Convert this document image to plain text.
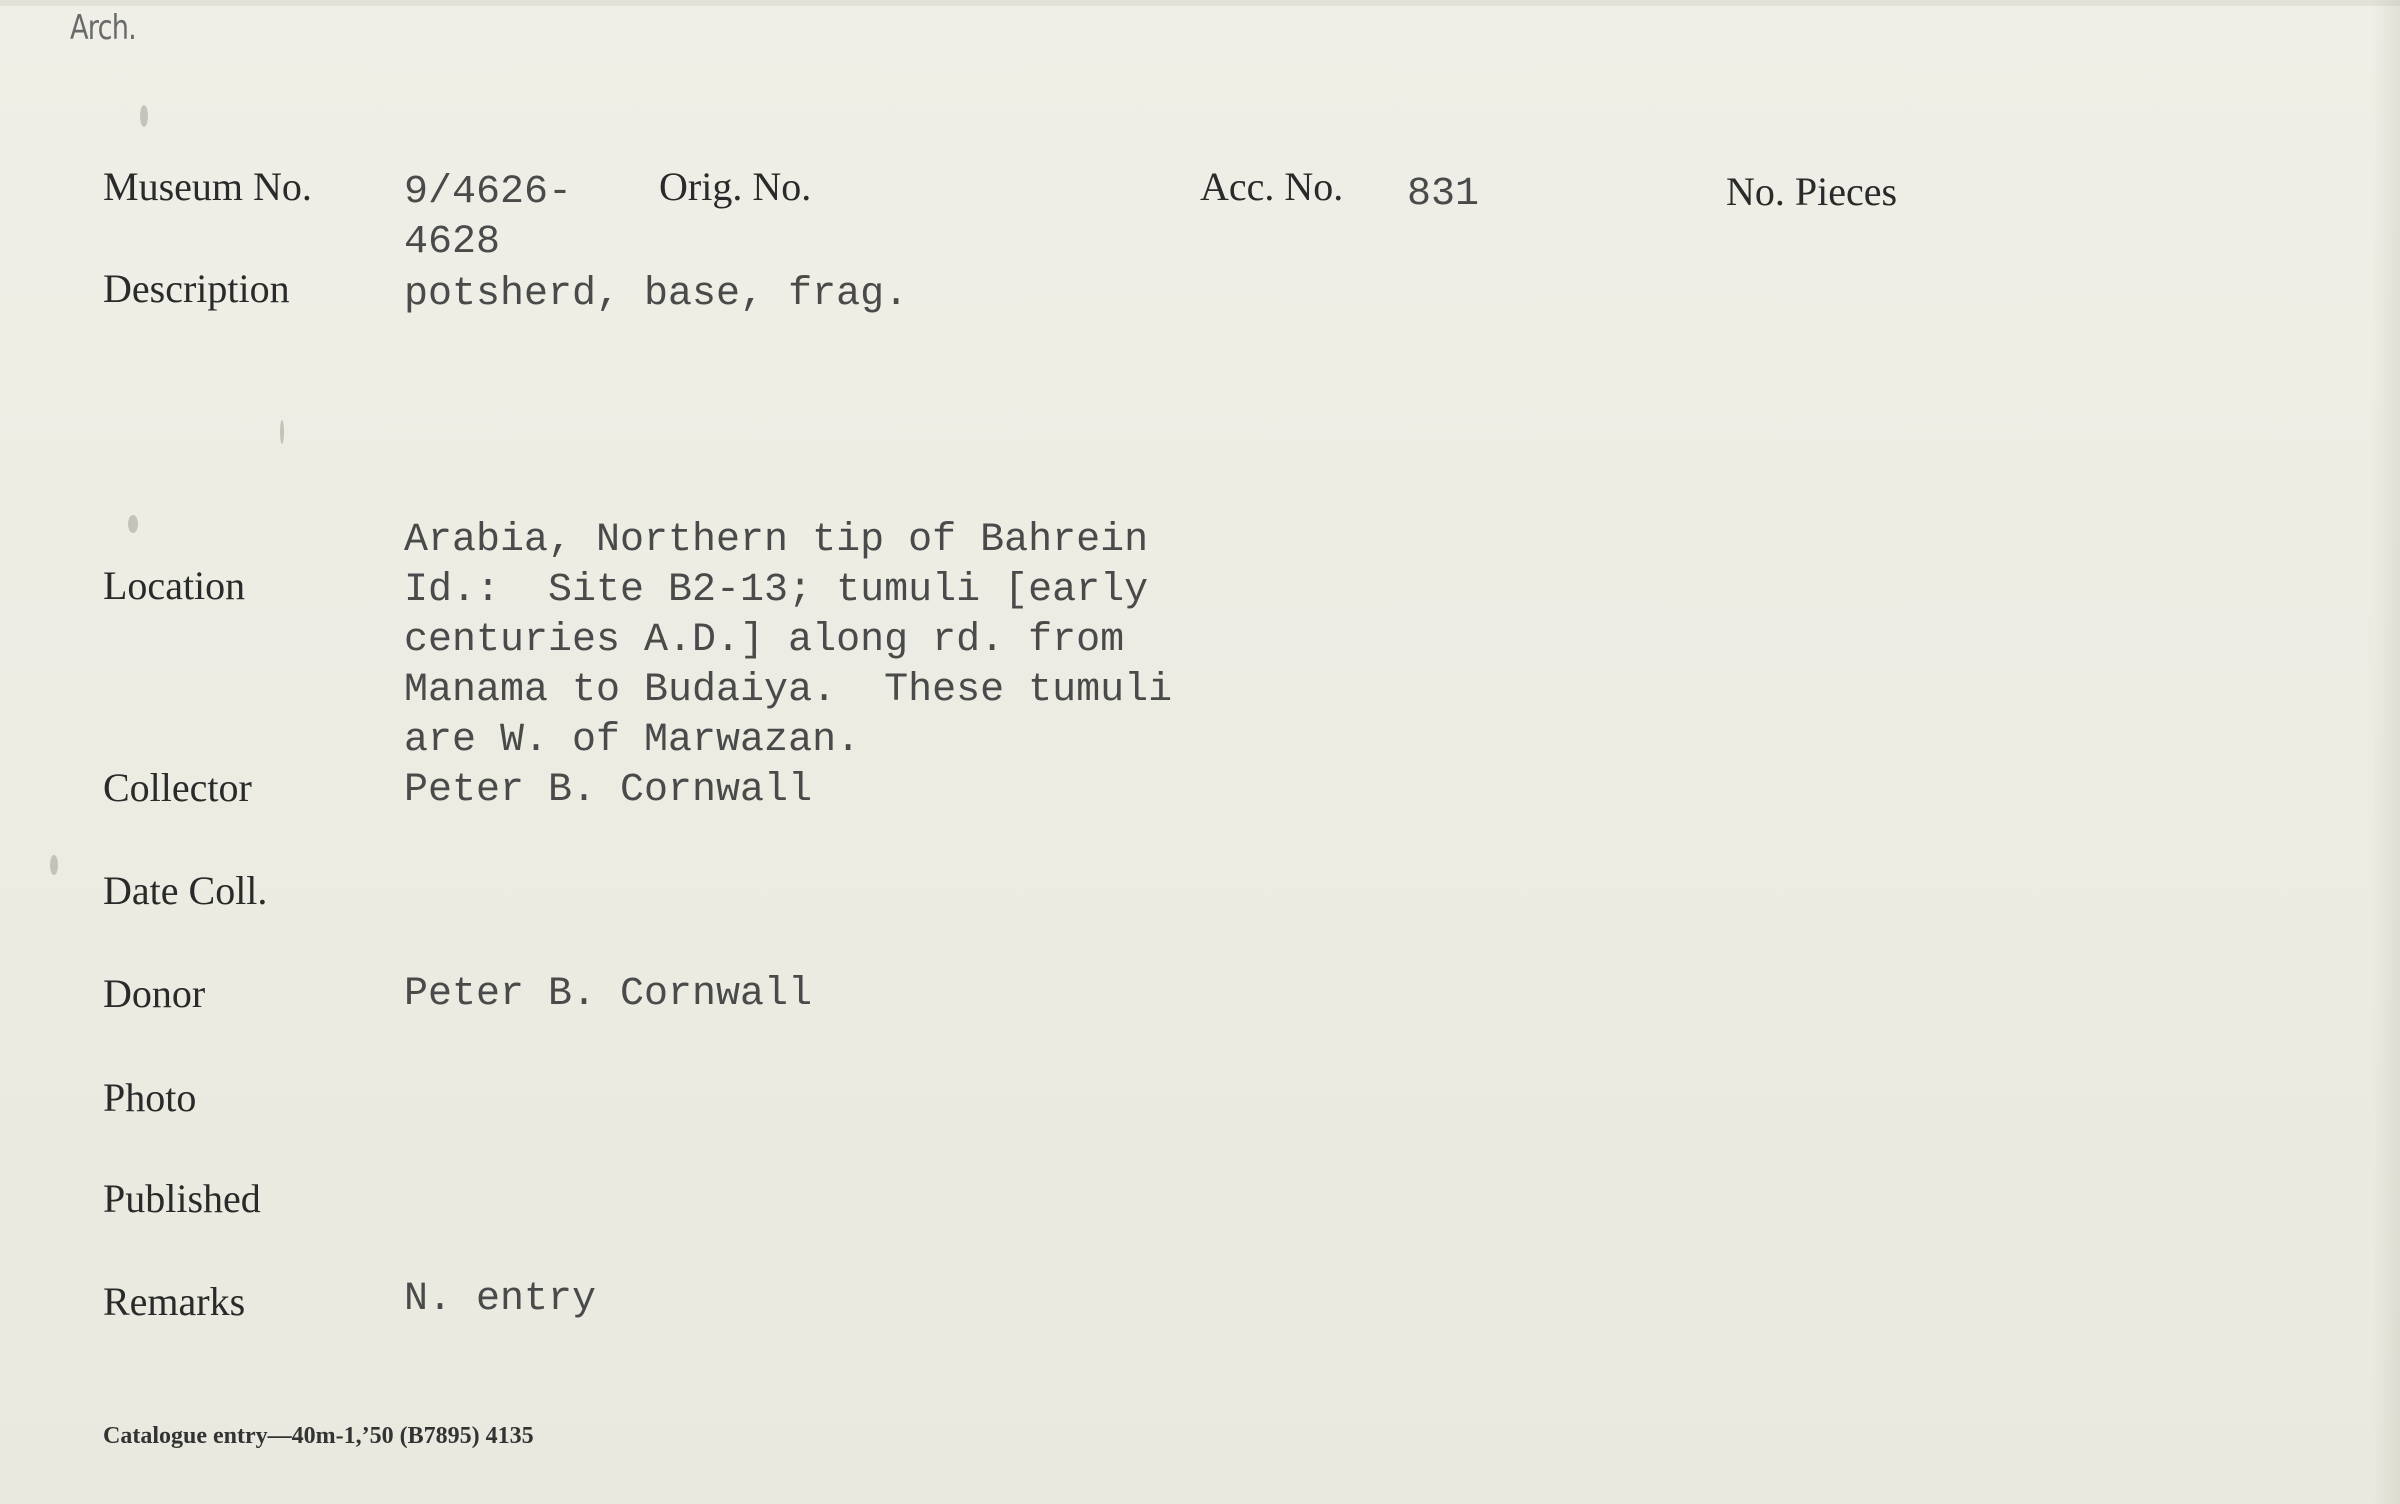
Arch.
Museum No. 9/4626-
4628
Orig. No.	Acc. No. 831	No. Pieces
Description	potsherd, base, frag.
Location
Arabia, Northern tip of Bahrein
Id.:  Site B2-13; tumuli [early
centuries A.D.] along rd. from
Manama to Budaiya.  These tumuli
are W. of Marwazan.
Collector	Peter B. Cornwall
Date Coll.
Donor	Peter B. Cornwall
Photo
Published
Remarks	N. entry
Catalogue entry—40m-1,’50 (B7895) 4135
